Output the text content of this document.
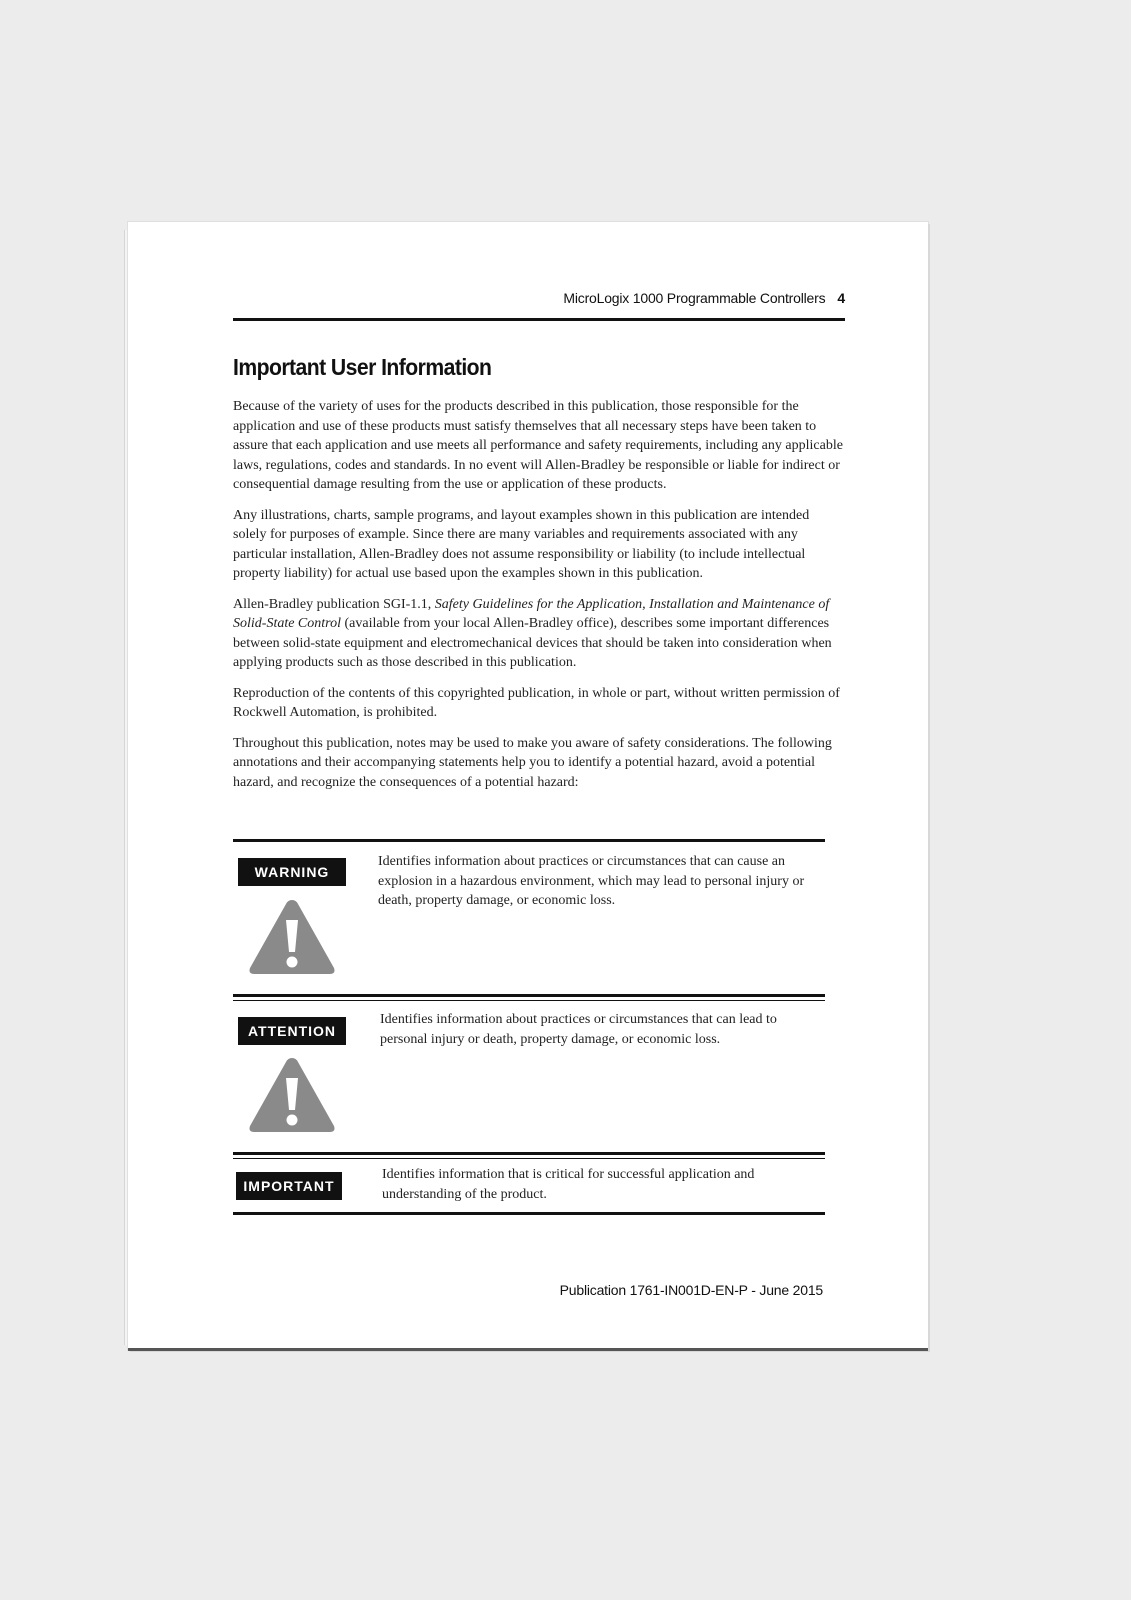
MicroLogix 1000 Programmable Controllers 4
Important User Information

Because of the variety of uses for the products described in this publication, those responsible for the application and use of these products must satisfy themselves that all necessary steps have been taken to assure that each application and use meets all performance and safety requirements, including any applicable laws, regulations, codes and standards. In no event will Allen-Bradley be responsible or liable for indirect or consequential damage resulting from the use or application of these products.

Any illustrations, charts, sample programs, and layout examples shown in this publication are intended solely for purposes of example. Since there are many variables and requirements associated with any particular installation, Allen-Bradley does not assume responsibility or liability (to include intellectual property liability) for actual use based upon the examples shown in this publication.

Allen-Bradley publication SGI-1.1, Safety Guidelines for the Application, Installation and Maintenance of Solid-State Control (available from your local Allen-Bradley office), describes some important differences between solid-state equipment and electromechanical devices that should be taken into consideration when applying products such as those described in this publication.

Reproduction of the contents of this copyrighted publication, in whole or part, without written permission of Rockwell Automation, is prohibited.

Throughout this publication, notes may be used to make you aware of safety considerations. The following annotations and their accompanying statements help you to identify a potential hazard, avoid a potential hazard, and recognize the consequences of a potential hazard:

WARNING
Identifies information about practices or circumstances that can cause an explosion in a hazardous environment, which may lead to personal injury or death, property damage, or economic loss.
ATTENTION
Identifies information about practices or circumstances that can lead to personal injury or death, property damage, or economic loss.
IMPORTANT
Identifies information that is critical for successful application and understanding of the product.
Publication 1761-IN001D-EN-P - June 2015
